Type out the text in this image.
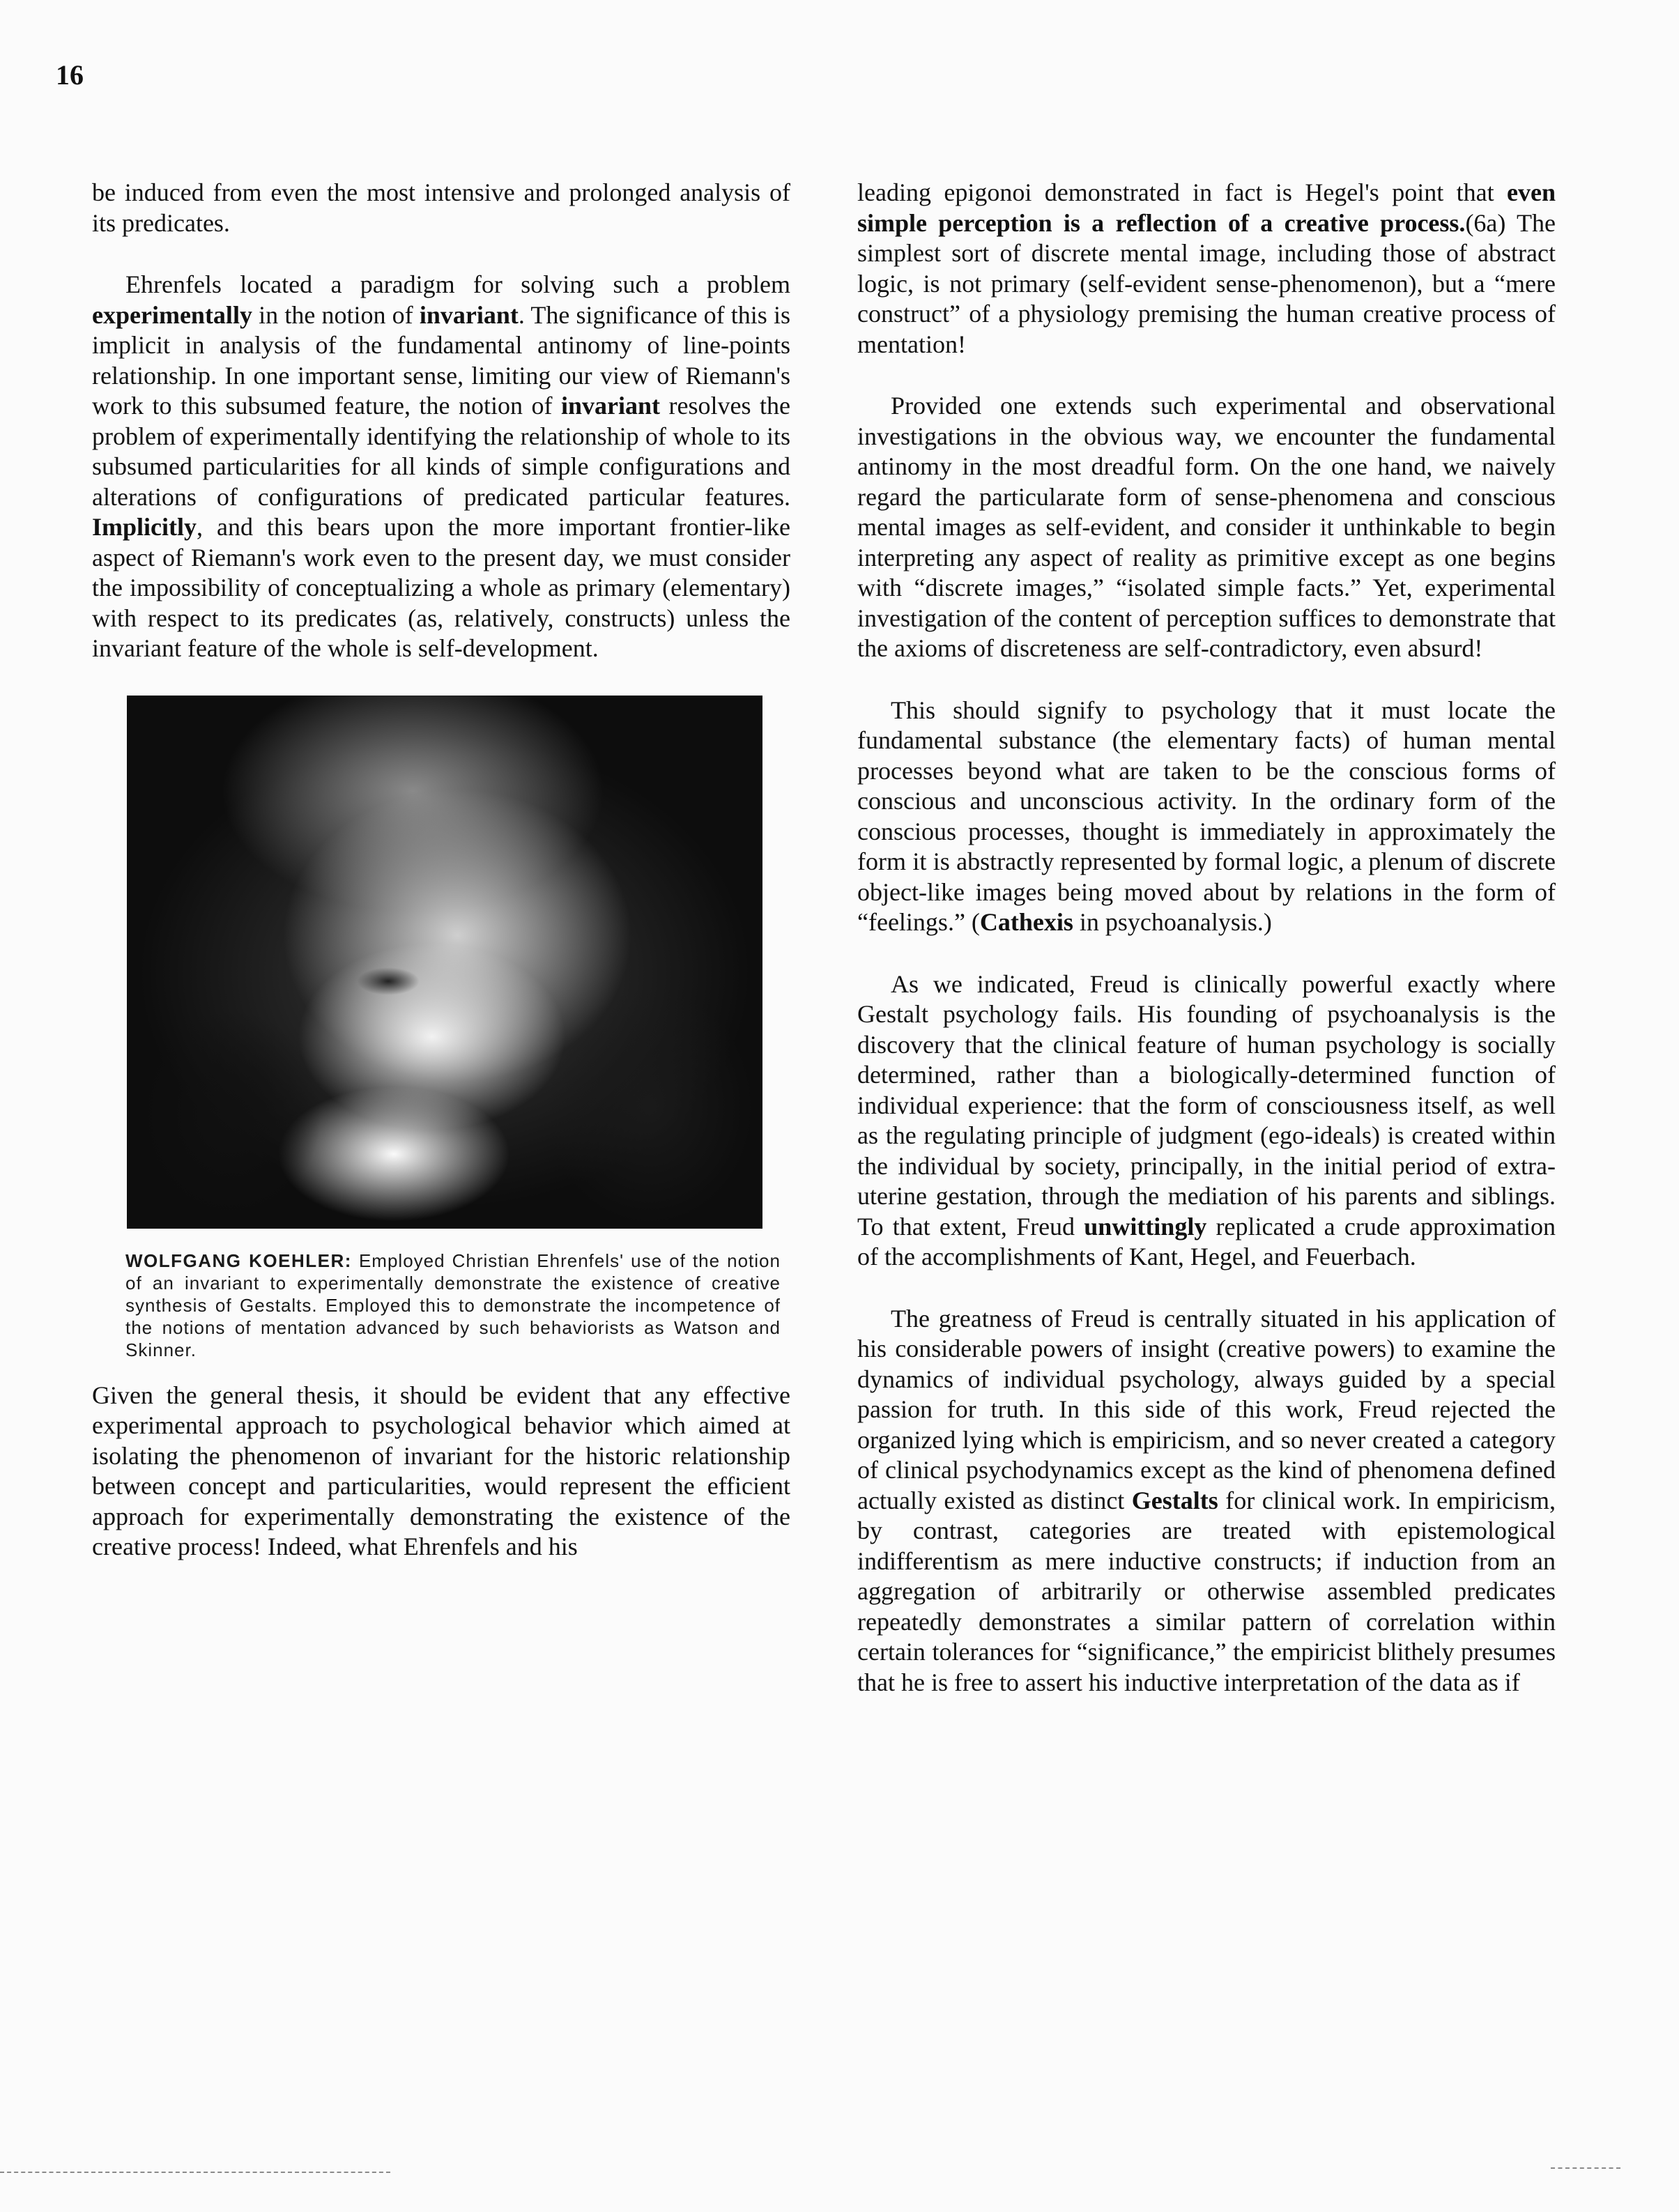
16

be induced from even the most intensive and prolonged analysis of its predicates.

Ehrenfels located a paradigm for solving such a problem experimentally in the notion of invariant. The significance of this is implicit in analysis of the fundamental antinomy of line-points relationship. In one important sense, limiting our view of Riemann's work to this subsumed feature, the notion of invariant resolves the problem of experimentally identifying the relationship of whole to its subsumed particularities for all kinds of simple configurations and alterations of configurations of predicated particular features. Implicitly, and this bears upon the more important frontier-like aspect of Riemann's work even to the present day, we must consider the impossibility of conceptualizing a whole as primary (elementary) with respect to its predicates (as, relatively, constructs) unless the invariant feature of the whole is self-development.

WOLFGANG KOEHLER: Employed Christian Ehrenfels' use of the notion of an invariant to experimentally demonstrate the existence of creative synthesis of Gestalts. Employed this to demonstrate the incompetence of the notions of mentation advanced by such behaviorists as Watson and Skinner.

Given the general thesis, it should be evident that any effective experimental approach to psychological behavior which aimed at isolating the phenomenon of invariant for the historic relationship between concept and particularities, would represent the efficient approach for experimentally demonstrating the existence of the creative process! Indeed, what Ehrenfels and his

leading epigonoi demonstrated in fact is Hegel's point that even simple perception is a reflection of a creative process.(6a) The simplest sort of discrete mental image, including those of abstract logic, is not primary (self-evident sense-phenomenon), but a “mere construct” of a physiology premising the human creative process of mentation!

Provided one extends such experimental and observational investigations in the obvious way, we encounter the fundamental antinomy in the most dreadful form. On the one hand, we naively regard the particularate form of sense-phenomena and conscious mental images as self-evident, and consider it unthinkable to begin interpreting any aspect of reality as primitive except as one begins with “discrete images,” “isolated simple facts.” Yet, experimental investigation of the content of perception suffices to demonstrate that the axioms of discreteness are self-contradictory, even absurd!

This should signify to psychology that it must locate the fundamental substance (the elementary facts) of human mental processes beyond what are taken to be the conscious forms of conscious and unconscious activity. In the ordinary form of the conscious processes, thought is immediately in approximately the form it is abstractly represented by formal logic, a plenum of discrete object-like images being moved about by relations in the form of “feelings.” (Cathexis in psychoanalysis.)

As we indicated, Freud is clinically powerful exactly where Gestalt psychology fails. His founding of psychoanalysis is the discovery that the clinical feature of human psychology is socially determined, rather than a biologically-determined function of individual experience: that the form of consciousness itself, as well as the regulating principle of judgment (ego-ideals) is created within the individual by society, principally, in the initial period of extra-uterine gestation, through the mediation of his parents and siblings. To that extent, Freud unwittingly replicated a crude approximation of the accomplishments of Kant, Hegel, and Feuerbach.

The greatness of Freud is centrally situated in his application of his considerable powers of insight (creative powers) to examine the dynamics of individual psychology, always guided by a special passion for truth. In this side of this work, Freud rejected the organized lying which is empiricism, and so never created a category of clinical psychodynamics except as the kind of phenomena defined actually existed as distinct Gestalts for clinical work. In empiricism, by contrast, categories are treated with epistemological indifferentism as mere inductive constructs; if induction from an aggregation of arbitrarily or otherwise assembled predicates repeatedly demonstrates a similar pattern of correlation within certain tolerances for “significance,” the empiricist blithely presumes that he is free to assert his inductive interpretation of the data as if
